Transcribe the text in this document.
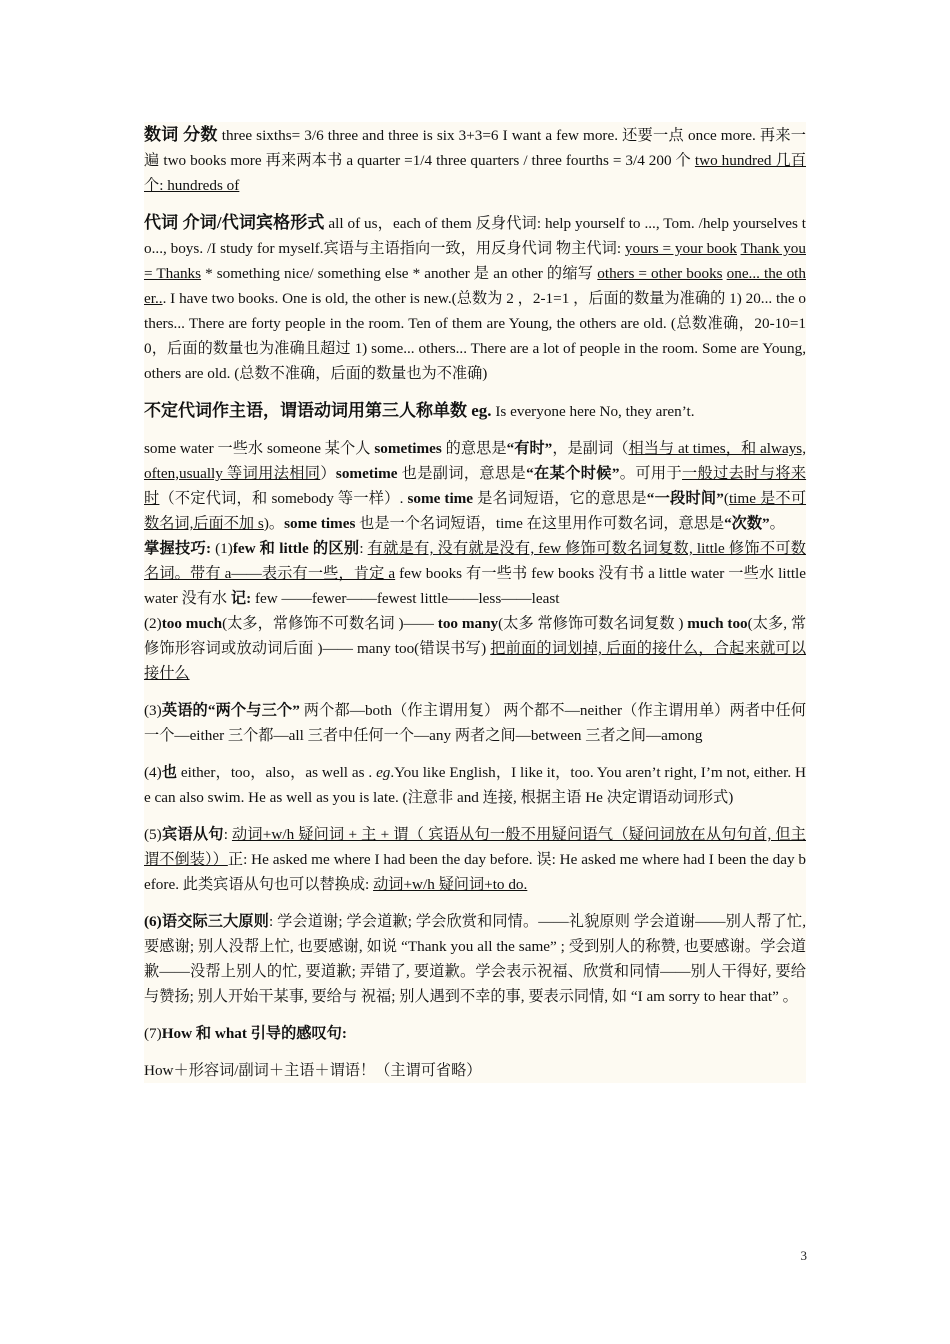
数词 分数 three sixths= 3/6 three and three is six 3+3=6 I want a few more. 还要一点 once more. 再来一遍 two books more 再来两本书 a quarter =1/4 three quarters / three fourths = 3/4 200 个 two hundred 几百个: hundreds of

代词 介词/代词宾格形式 all of us，each of them 反身代词: help yourself to ..., Tom. /help yourselves to..., boys. /I study for myself.宾语与主语指向一致，用反身代词 物主代词: yours = your book Thank you = Thanks * something nice/ something else * another 是 an other 的缩写 others = other books one... the other... I have two books. One is old, the other is new.(总数为 2 ，2-1=1 ，后面的数量为准确的 1) 20... the others... There are forty people in the room. Ten of them are Young, the others are old. (总数准确，20-10=10，后面的数量也为准确且超过 1) some... others... There are a lot of people in the room. Some are Young, others are old. (总数不准确，后面的数量也为不准确)

不定代词作主语，谓语动词用第三人称单数 eg. Is everyone here No, they aren’t.

some water 一些水 someone 某个人 sometimes 的意思是“有时”，是副词（相当与 at times，和 always,often,usually 等词用法相同）sometime 也是副词，意思是“在某个时候”。可用于一般过去时与将来时（不定代词，和 somebody 等一样）. some time 是名词短语，它的意思是“一段时间”(time 是不可数名词,后面不加 s)。some times 也是一个名词短语，time 在这里用作可数名词，意思是“次数”。

掌握技巧: (1)few 和 little 的区别: 有就是有, 没有就是没有, few 修饰可数名词复数, little 修饰不可数名词。带有 a——表示有一些，肯定 a few books 有一些书 few books 没有书 a little water 一些水 little water 没有水 记: few ——fewer——fewest little——less——least

(2)too much(太多，常修饰不可数名词 )—— too many(太多 常修饰可数名词复数 ) much too(太多, 常修饰形容词或放动词后面 )—— many too(错误书写) 把前面的词划掉, 后面的接什么，合起来就可以接什么

(3)英语的“两个与三个” 两个都—both（作主谓用复） 两个都不—neither（作主谓用单）两者中任何一个—either 三个都—all 三者中任何一个—any 两者之间—between 三者之间—among

(4)也 either，too，also，as well as . eg.You like English，I like it，too. You aren’t right, I’m not, either. He can also swim. He as well as you is late. (注意非 and 连接, 根据主语 He 决定谓语动词形式)

(5)宾语从句: 动词+w/h 疑问词 + 主 + 谓（ 宾语从句一般不用疑问语气（疑问词放在从句句首, 但主谓不倒装））正: He asked me where I had been the day before. 误: He asked me where had I been the day before. 此类宾语从句也可以替换成: 动词+w/h 疑问词+to do.

(6)语交际三大原则: 学会道谢; 学会道歉; 学会欣赏和同情。——礼貌原则 学会道谢——别人帮了忙, 要感谢; 别人没帮上忙, 也要感谢, 如说 “Thank you all the same” ; 受到别人的称赞, 也要感谢。学会道歉——没帮上别人的忙, 要道歉; 弄错了, 要道歉。学会表示祝福、欣赏和同情——别人干得好, 要给与赞扬; 别人开始干某事, 要给与 祝福; 别人遇到不幸的事, 要表示同情, 如 “I am sorry to hear that” 。

(7)How 和 what 引导的感叹句:

How＋形容词/副词＋主语＋谓语！（主谓可省略）

3
